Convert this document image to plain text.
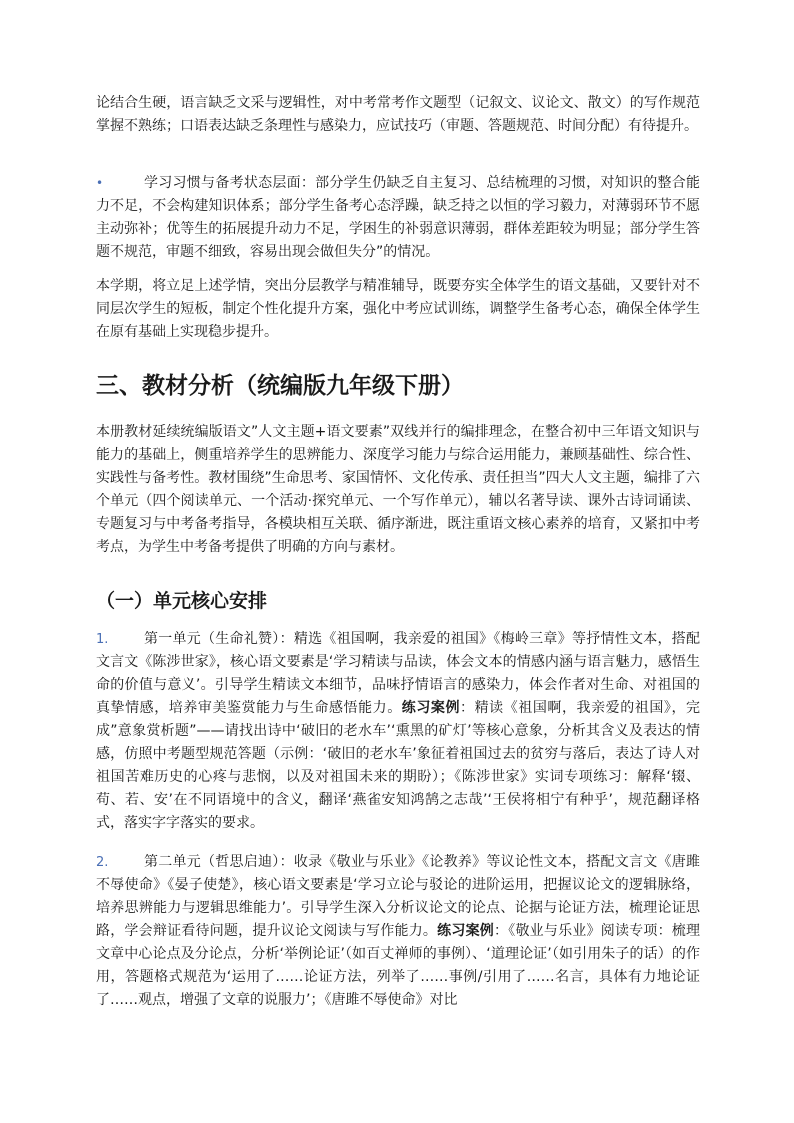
论结合生硬，语言缺乏文采与逻辑性，对中考常考作文题型（记叙文、议论文、散文）的写作规范掌握不熟练；口语表达缺乏条理性与感染力，应试技巧（审题、答题规范、时间分配）有待提升。

•	学习习惯与备考状态层面：部分学生仍缺乏自主复习、总结梳理的习惯，对知识的整合能力不足，不会构建知识体系；部分学生备考心态浮躁，缺乏持之以恒的学习毅力，对薄弱环节不愿主动弥补；优等生的拓展提升动力不足，学困生的补弱意识薄弱，群体差距较为明显；部分学生答题不规范，审题不细致，容易出现会做但失分”的情况。

本学期，将立足上述学情，突出分层教学与精准辅导，既要夯实全体学生的语文基础，又要针对不同层次学生的短板，制定个性化提升方案，强化中考应试训练，调整学生备考心态，确保全体学生在原有基础上实现稳步提升。

三、教材分析（统编版九年级下册）

本册教材延续统编版语文”人文主题+语文要素”双线并行的编排理念，在整合初中三年语文知识与能力的基础上，侧重培养学生的思辨能力、深度学习能力与综合运用能力，兼顾基础性、综合性、实践性与备考性。教材围绕”生命思考、家国情怀、文化传承、责任担当”四大人文主题，编排了六个单元（四个阅读单元、一个活动·探究单元、一个写作单元），辅以名著导读、课外古诗词诵读、专题复习与中考备考指导，各模块相互关联、循序渐进，既注重语文核心素养的培育，又紧扣中考考点，为学生中考备考提供了明确的方向与素材。

（一）单元核心安排
1.	第一单元（生命礼赞）：精选《祖国啊，我亲爱的祖国》《梅岭三章》等抒情性文本，搭配文言文《陈涉世家》，核心语文要素是‘学习精读与品读，体会文本的情感内涵与语言魅力，感悟生命的价值与意义’。引导学生精读文本细节，品味抒情语言的感染力，体会作者对生命、对祖国的真挚情感，培养审美鉴赏能力与生命感悟能力。练习案例：精读《祖国啊，我亲爱的祖国》，完成”意象赏析题”——请找出诗中‘破旧的老水车’‘熏黑的矿灯’等核心意象，分析其含义及表达的情感，仿照中考题型规范答题（示例：‘破旧的老水车’象征着祖国过去的贫穷与落后，表达了诗人对祖国苦难历史的心疼与悲悯，以及对祖国未来的期盼）；《陈涉世家》实词专项练习：解释‘辍、苟、若、安’在不同语境中的含义，翻译‘燕雀安知鸿鹄之志哉’‘王侯将相宁有种乎’，规范翻译格式，落实字字落实的要求。

2.	第二单元（哲思启迪）：收录《敬业与乐业》《论教养》等议论性文本，搭配文言文《唐雎不辱使命》《晏子使楚》，核心语文要素是‘学习立论与驳论的进阶运用，把握议论文的逻辑脉络，培养思辨能力与逻辑思维能力’。引导学生深入分析议论文的论点、论据与论证方法，梳理论证思路，学会辩证看待问题，提升议论文阅读与写作能力。练习案例：《敬业与乐业》阅读专项：梳理文章中心论点及分论点，分析‘举例论证’（如百丈禅师的事例）、‘道理论证’（如引用朱子的话）的作用，答题格式规范为‘运用了……论证方法，列举了……事例/引用了……名言，具体有力地论证了……观点，增强了文章的说服力’；《唐雎不辱使命》对比
